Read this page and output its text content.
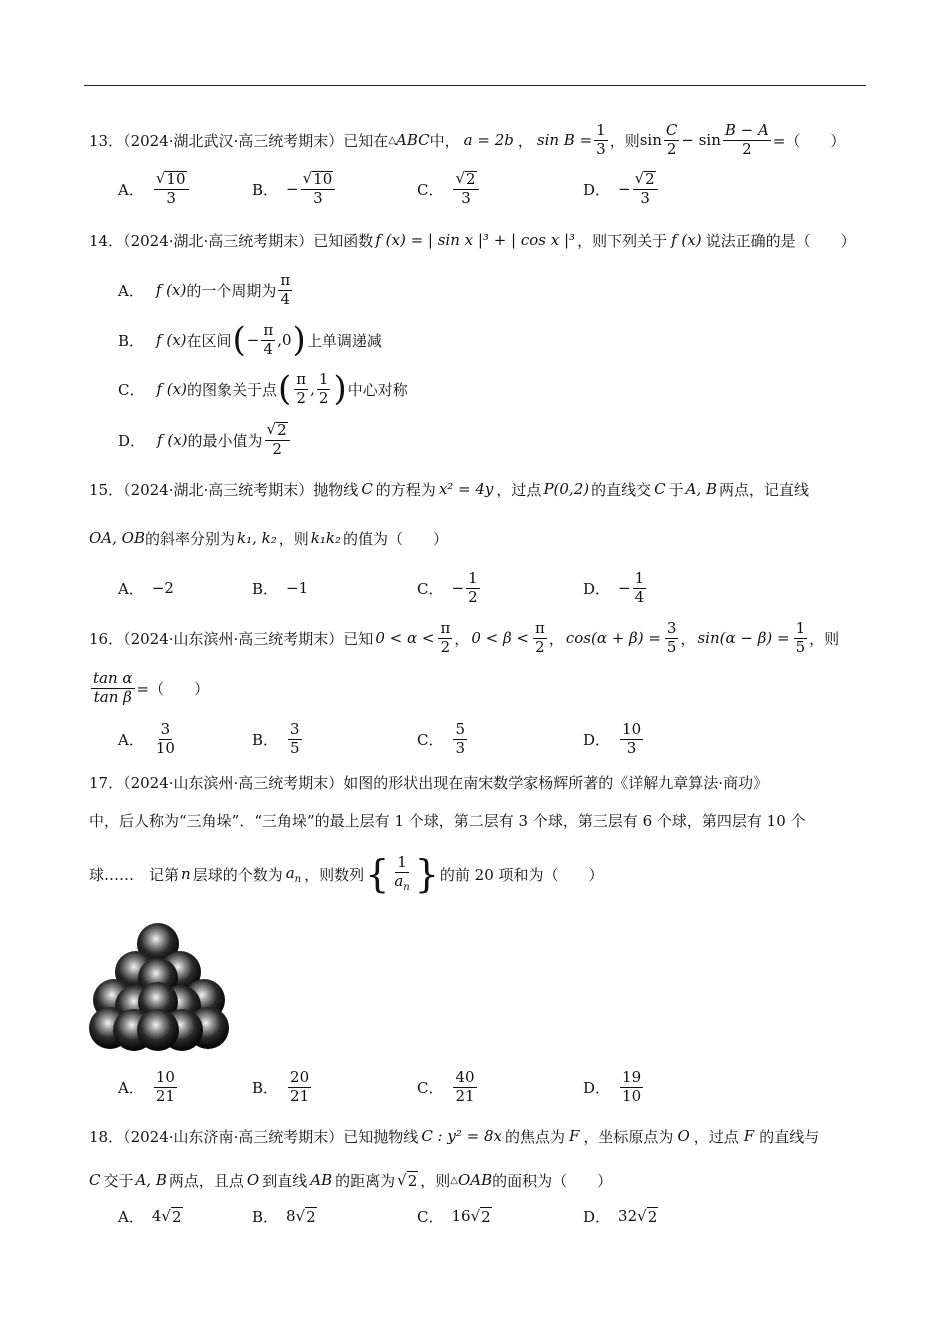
13．（2024·湖北武汉·高三统考期末）已知在 △ ABC 中， a = 2b ， $\sin B = \frac{1}{3}$ ，则 $\sin \frac{C}{2} - \sin \frac{B - A}{2}$ =（　　）
A． $\frac{√ 10}{3}$	B． − $\frac{√ 10}{3}$	C． $\frac{√ 2}{3}$	D． − $\frac{√ 2}{3}$
14．（2024·湖北·高三统考期末）已知函数 f (x) = | sin x |³ + | cos x |³ ，则下列关于 f (x) 说法正确的是（　　）
A． f (x) 的一个周期为 $\frac{\pi}{4}$
B． f (x) 在区间 ( − $\frac{\pi}{4} ,0$ ) 上单调递减
C． f (x) 的图象关于点 ( $\frac{\pi}{2}$ , $\frac{1}{2}$ ) 中心对称
D． f (x) 的最小值为 $\frac{√ 2}{2}$
15．（2024·湖北·高三统考期末）抛物线 C 的方程为 x² = 4y ，过点 P(0,2) 的直线交 C 于 A, B 两点，记直线
OA, OB 的斜率分别为 k₁, k₂ ，则 k₁k₂ 的值为（　　）
A． −2	B． −1	C． − $\frac{1}{2}$	D． − $\frac{1}{4}$
16．（2024·山东滨州·高三统考期末）已知 $0 < \alpha < \frac{\pi}{2}$ ， $0 < \beta < \frac{\pi}{2}$ ， $\cos(\alpha + \beta) = \frac{3}{5}$ ， $\sin(\alpha - \beta) = \frac{1}{5}$ ，则
$\frac{\text{tan α}}{\text{tan β}}$ =（　　）
A． $\frac{3}{10}$	B． $\frac{3}{5}$	C． $\frac{5}{3}$	D． $\frac{10}{3}$
17．（2024·山东滨州·高三统考期末）如图的形状出现在南宋数学家杨辉所著的《详解九章算法·商功》
中，后人称为“三角垛”．“三角垛”的最上层有 1 个球，第二层有 3 个球，第三层有 6 个球，第四层有 10 个
球……　记第 n 层球的个数为 $a_n$ ，则数列 { $\frac{1}{a_n}$ } 的前 20 项和为（　　）
A． $\frac{10}{21}$	B． $\frac{20}{21}$	C． $\frac{40}{21}$	D． $\frac{19}{10}$
18．（2024·山东济南·高三统考期末）已知抛物线 C : y² = 8x 的焦点为 F ，坐标原点为 O ，过点 F 的直线与
C 交于 A, B 两点，且点 O 到直线 AB 的距离为 √ 2 ，则 △ OAB 的面积为（　　）
A． 4 √ 2	B． 8 √ 2	C． 16 √ 2	D． 32 √ 2
